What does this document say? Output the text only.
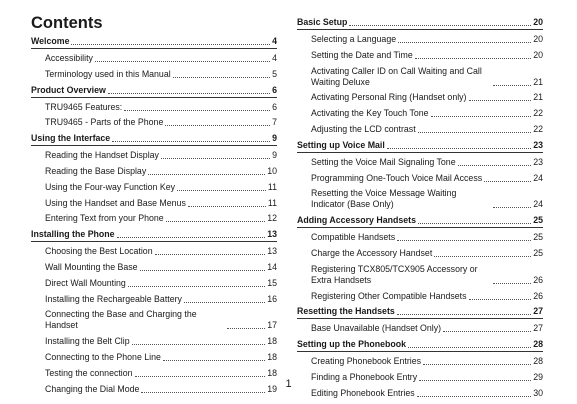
Contents
Welcome	4
Accessibility	4
Terminology used in this Manual	5
Product Overview	6
TRU9465 Features:	6
TRU9465 - Parts of the Phone	7
Using the Interface	9
Reading the Handset Display	9
Reading the Base Display	10
Using the Four-way Function Key	11
Using the Handset and Base Menus	11
Entering Text from your Phone	12
Installing the Phone	13
Choosing the Best Location	13
Wall Mounting the Base	14
Direct Wall Mounting	15
Installing the Rechargeable Battery	16
Connecting the Base and Charging the Handset	17
Installing the Belt Clip	18
Connecting to the Phone Line	18
Testing the connection	18
Changing the Dial Mode	19
Basic Setup	20
Selecting a Language	20
Setting the Date and Time	20
Activating Caller ID on Call Waiting and Call Waiting Deluxe	21
Activating Personal Ring (Handset only)	21
Activating the Key Touch Tone	22
Adjusting the LCD contrast	22
Setting up Voice Mail	23
Setting the Voice Mail Signaling Tone	23
Programming One-Touch Voice Mail Access	24
Resetting the Voice Message Waiting Indicator (Base Only)	24
Adding Accessory Handsets	25
Compatible Handsets	25
Charge the Accessory Handset	25
Registering TCX805/TCX905 Accessory or Extra Handsets	26
Registering Other Compatible Handsets	26
Resetting the Handsets	27
Base Unavailable (Handset Only)	27
Setting up the Phonebook	28
Creating Phonebook Entries	28
Finding a Phonebook Entry	29
Editing Phonebook Entries	30
1
